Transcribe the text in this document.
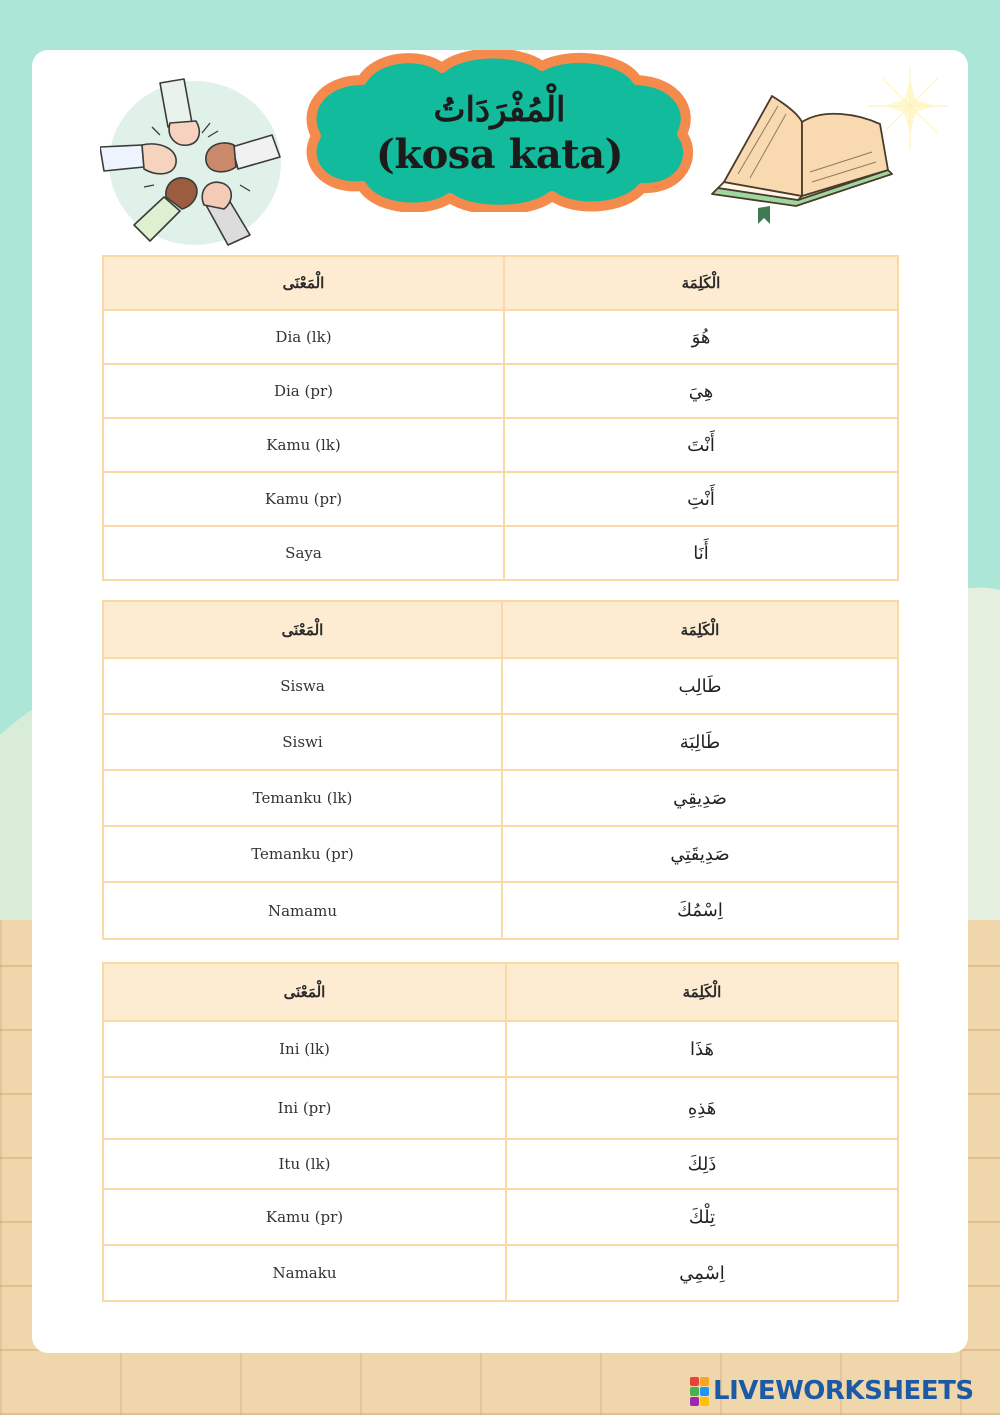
الْمُفْرَدَاتُ
(kosa kata)
الْمَعْنَى	الْكَلِمَة
Dia (lk)	هُوَ
Dia (pr)	هِيَ
Kamu (lk)	أَنْتَ
Kamu (pr)	أَنْتِ
Saya	أَنَا
الْمَعْنَى	الْكَلِمَة
Siswa	طَالِب
Siswi	طَالِبَة
Temanku (lk)	صَدِيقِي
Temanku (pr)	صَدِيقَتِي
Namamu	اِسْمُكَ
الْمَعْنَى	الْكَلِمَة
Ini (lk)	هَذَا
Ini (pr)	هَذِهِ
Itu (lk)	ذَلِكَ
Kamu (pr)	تِلْكَ
Namaku	اِسْمِي
LIVEWORKSHEETS
